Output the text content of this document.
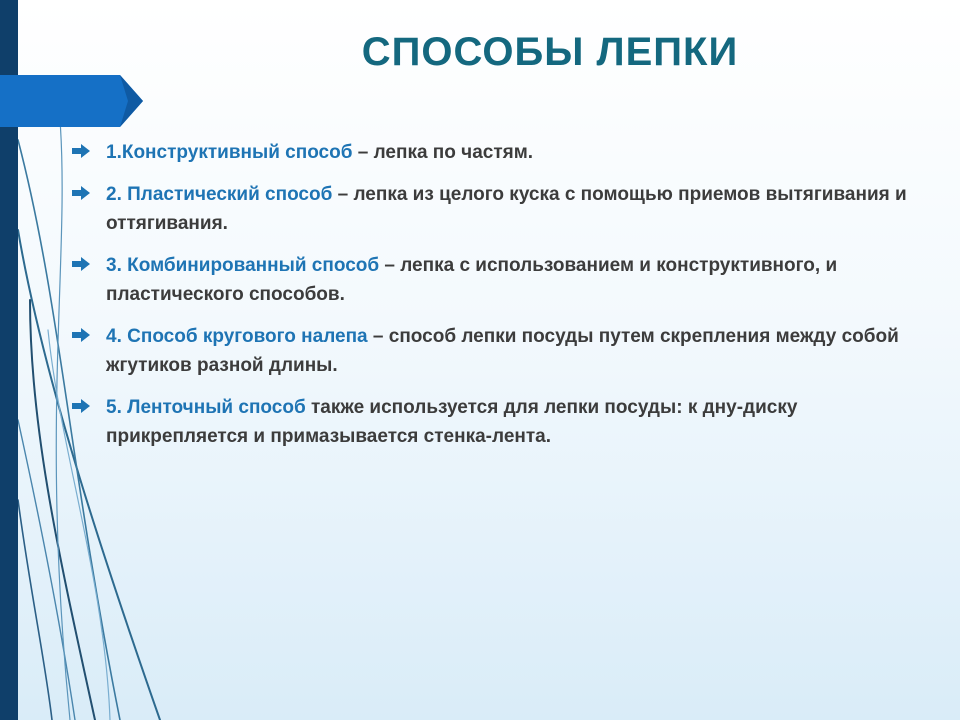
СПОСОБЫ ЛЕПКИ
1.Конструктивный способ – лепка по частям.
2. Пластический способ – лепка из целого куска с помощью приемов вытягивания и оттягивания.
3. Комбинированный способ – лепка с использованием и конструктивного, и пластического способов.
4. Способ кругового налепа – способ лепки посуды путем скрепления между собой жгутиков разной длины.
5. Ленточный способ также используется для лепки посуды: к дну-диску прикрепляется и примазывается стенка-лента.
